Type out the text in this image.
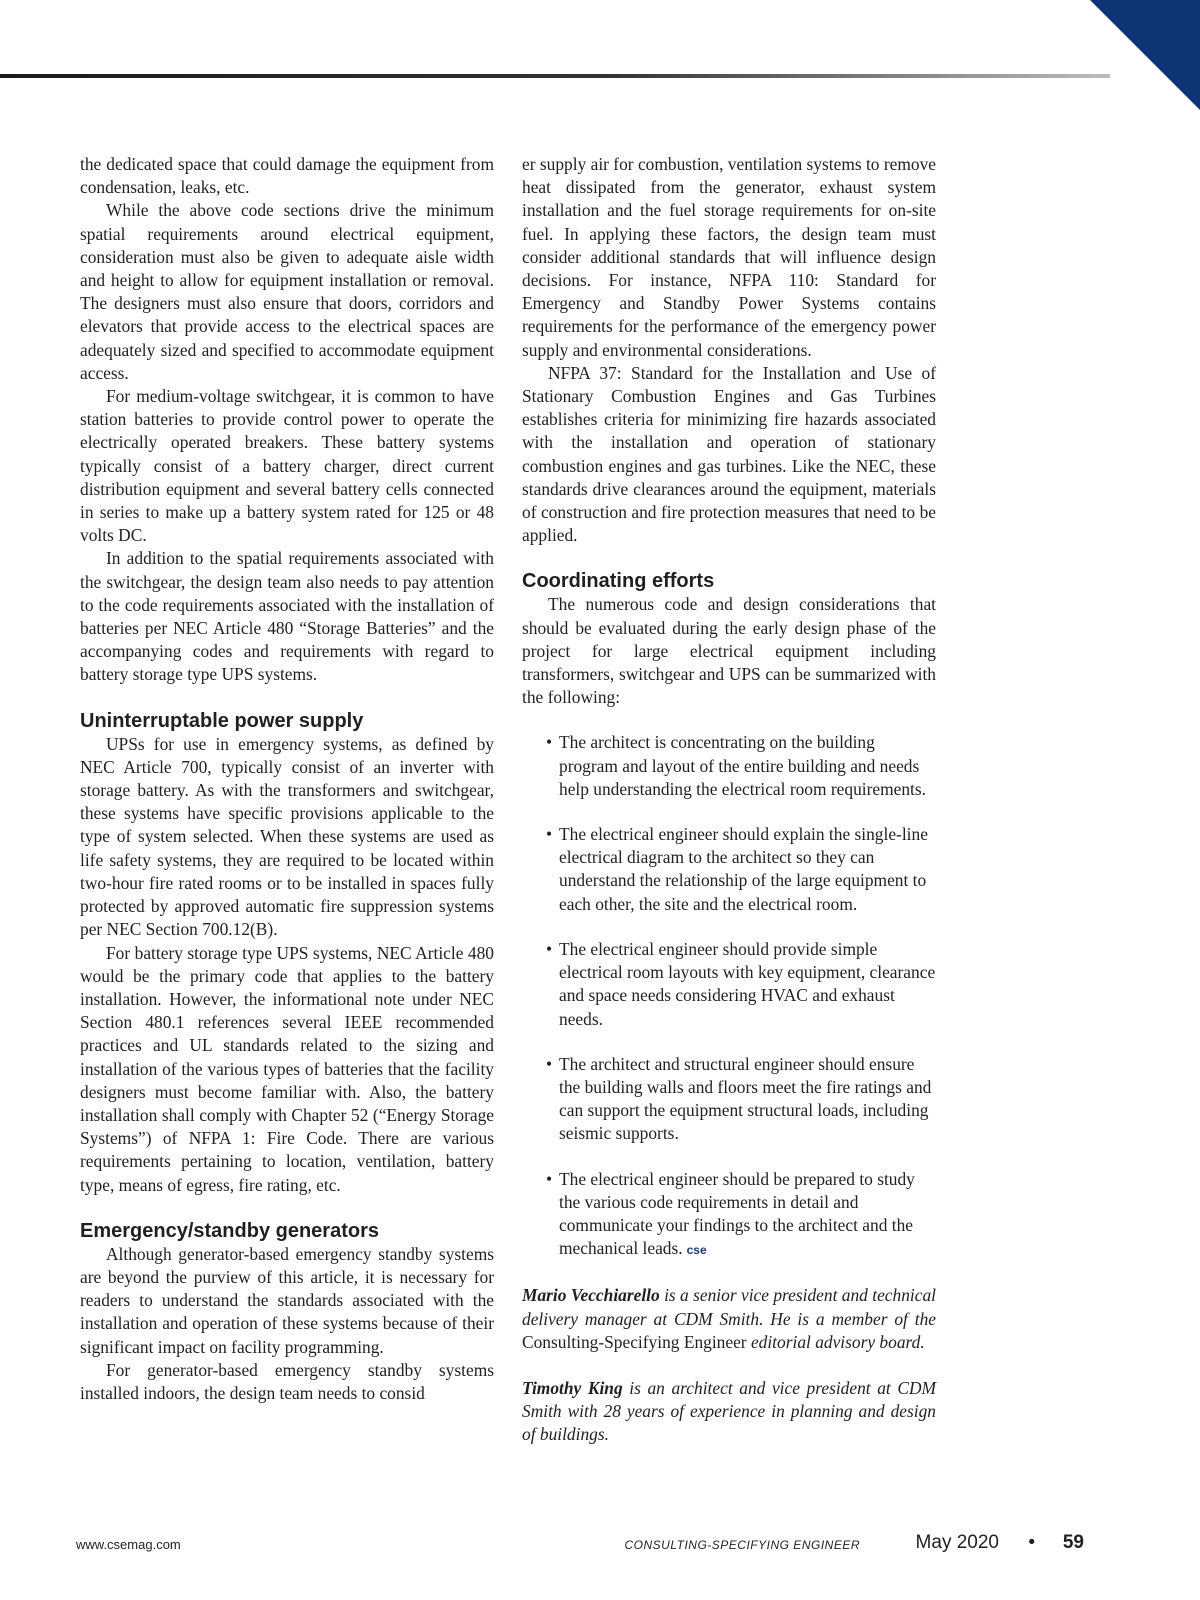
the dedicated space that could damage the equipment from condensation, leaks, etc.

While the above code sections drive the minimum spatial requirements around electrical equipment, consideration must also be given to adequate aisle width and height to allow for equipment installation or removal. The designers must also ensure that doors, corridors and elevators that provide access to the electrical spaces are adequately sized and specified to accommodate equipment access.

For medium-voltage switchgear, it is common to have station batteries to provide control power to operate the electrically operated breakers. These battery systems typically consist of a battery charger, direct current distribution equipment and several battery cells connected in series to make up a battery system rated for 125 or 48 volts DC.

In addition to the spatial requirements associated with the switchgear, the design team also needs to pay attention to the code requirements associated with the installation of batteries per NEC Article 480 “Storage Batteries” and the accompanying codes and requirements with regard to battery storage type UPS systems.

Uninterruptable power supply

UPSs for use in emergency systems, as defined by NEC Article 700, typically consist of an inverter with storage battery. As with the transformers and switchgear, these systems have specific provisions applicable to the type of system selected. When these systems are used as life safety systems, they are required to be located within two-hour fire rated rooms or to be installed in spaces fully protected by approved automatic fire suppression systems per NEC Section 700.12(B).

For battery storage type UPS systems, NEC Article 480 would be the primary code that applies to the battery installation. However, the informational note under NEC Section 480.1 references several IEEE recommended practices and UL standards related to the sizing and installation of the various types of batteries that the facility designers must become familiar with. Also, the battery installation shall comply with Chapter 52 (“Energy Storage Systems”) of NFPA 1: Fire Code. There are various requirements pertaining to location, ventilation, battery type, means of egress, fire rating, etc.

Emergency/standby generators

Although generator-based emergency standby systems are beyond the purview of this article, it is necessary for readers to understand the standards associated with the installation and operation of these systems because of their significant impact on facility programming.

For generator-based emergency standby systems installed indoors, the design team needs to consid

er supply air for combustion, ventilation systems to remove heat dissipated from the generator, exhaust system installation and the fuel storage requirements for on-site fuel. In applying these factors, the design team must consider additional standards that will influence design decisions. For instance, NFPA 110: Standard for Emergency and Standby Power Systems contains requirements for the performance of the emergency power supply and environmental considerations.

NFPA 37: Standard for the Installation and Use of Stationary Combustion Engines and Gas Turbines establishes criteria for minimizing fire hazards associated with the installation and operation of stationary combustion engines and gas turbines. Like the NEC, these standards drive clearances around the equipment, materials of construction and fire protection measures that need to be applied.

Coordinating efforts

The numerous code and design considerations that should be evaluated during the early design phase of the project for large electrical equipment including transformers, switchgear and UPS can be summarized with the following:

• The architect is concentrating on the building program and layout of the entire building and needs help understanding the electrical room requirements.
• The electrical engineer should explain the single-line electrical diagram to the architect so they can understand the relationship of the large equipment to each other, the site and the electrical room.
• The electrical engineer should provide simple electrical room layouts with key equipment, clearance and space needs considering HVAC and exhaust needs.
• The architect and structural engineer should ensure the building walls and floors meet the fire ratings and can support the equipment structural loads, including seismic supports.
• The electrical engineer should be prepared to study the various code requirements in detail and communicate your findings to the architect and the mechanical leads. cse

Mario Vecchiarello is a senior vice president and technical delivery manager at CDM Smith. He is a member of the Consulting-Specifying Engineer editorial advisory board.

Timothy King is an architect and vice president at CDM Smith with 28 years of experience in planning and design of buildings.

www.csemag.com	CONSULTING-SPECIFYING ENGINEER	May 2020 • 59
